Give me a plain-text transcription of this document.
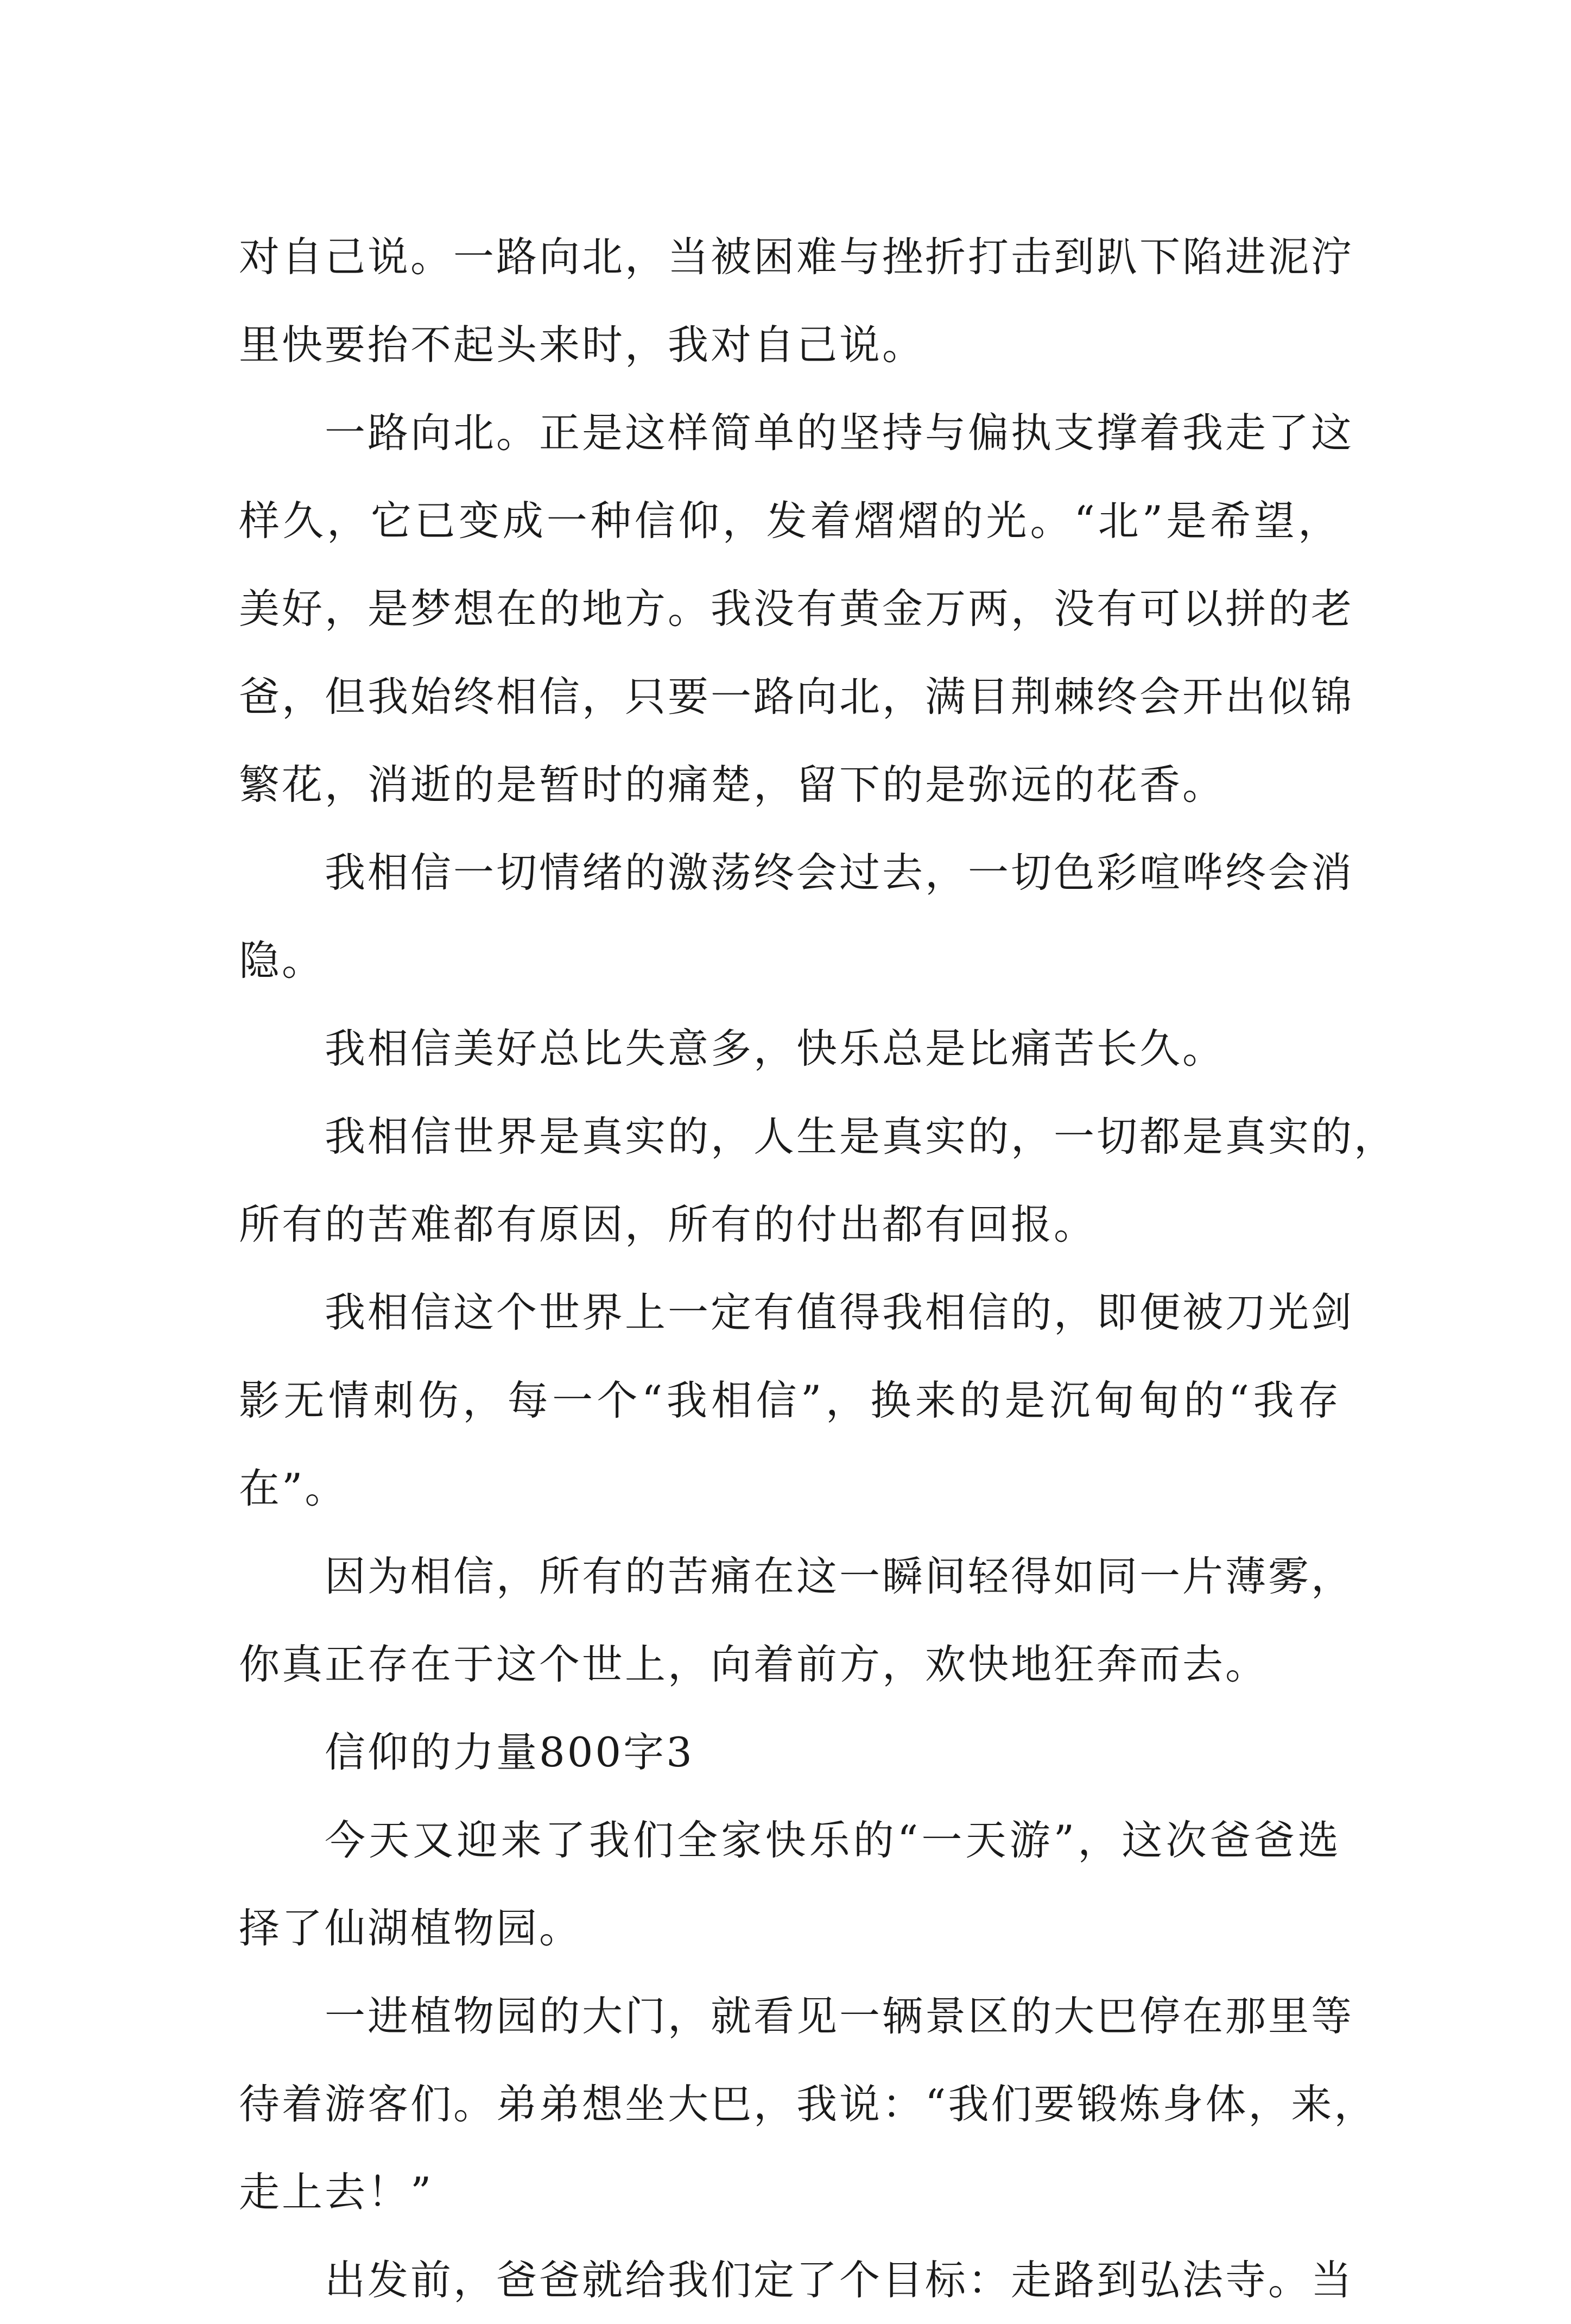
对自己说。一路向北，当被困难与挫折打击到趴下陷进泥泞
里快要抬不起头来时，我对自己说。
一路向北。正是这样简单的坚持与偏执支撑着我走了这
样久，它已变成一种信仰，发着熠熠的光。“北”是希望，
美好，是梦想在的地方。我没有黄金万两，没有可以拼的老
爸，但我始终相信，只要一路向北，满目荆棘终会开出似锦
繁花，消逝的是暂时的痛楚，留下的是弥远的花香。
我相信一切情绪的激荡终会过去，一切色彩喧哗终会消
隐。
我相信美好总比失意多，快乐总是比痛苦长久。
我相信世界是真实的，人生是真实的，一切都是真实的，
所有的苦难都有原因，所有的付出都有回报。
我相信这个世界上一定有值得我相信的，即便被刀光剑
影无情刺伤，每一个“我相信”，换来的是沉甸甸的“我存
在”。
因为相信，所有的苦痛在这一瞬间轻得如同一片薄雾，
你真正存在于这个世上，向着前方，欢快地狂奔而去。
信仰的力量800字3
今天又迎来了我们全家快乐的“一天游”，这次爸爸选
择了仙湖植物园。
一进植物园的大门，就看见一辆景区的大巴停在那里等
待着游客们。弟弟想坐大巴，我说：“我们要锻炼身体，来，
走上去！”
出发前，爸爸就给我们定了个目标：走路到弘法寺。当
